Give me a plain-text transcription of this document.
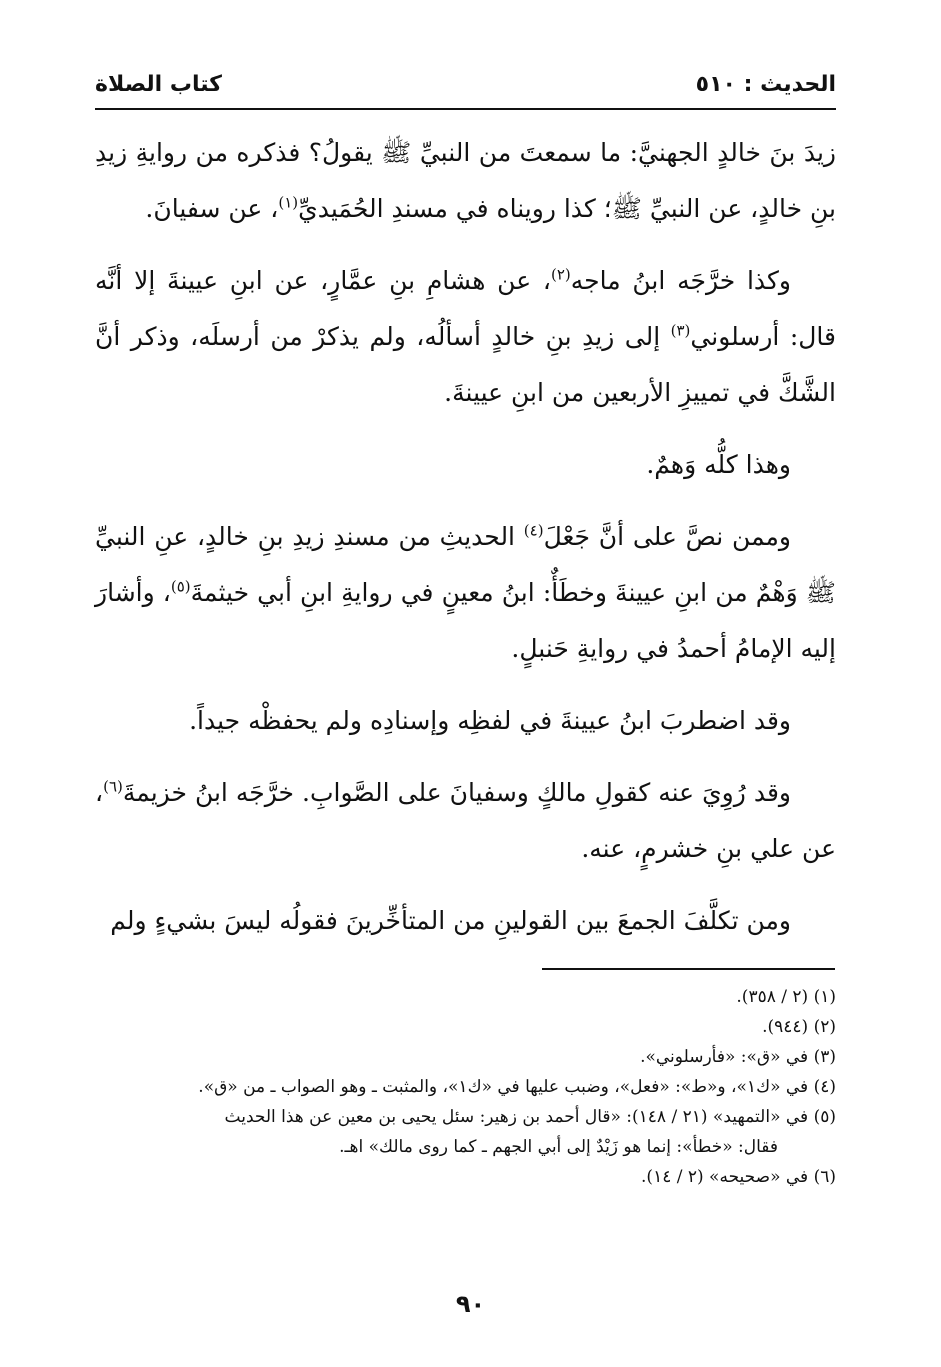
الحديث : ٥١٠
كتاب الصلاة

زيدَ بنَ خالدٍ الجهنيَّ: ما سمعتَ من النبيِّ ﷺ يقولُ؟ فذكره من روايةِ زيدِ بنِ خالدٍ، عن النبيِّ ﷺ؛ كذا رويناه في مسندِ الحُمَيديِّ$^{(١)}$، عن سفيانَ.

وكذا خرَّجَه ابنُ ماجه$^{(٢)}$، عن هشامِ بنِ عمَّارٍ، عن ابنِ عيينةَ إلا أنَّه قال: أرسلوني$^{(٣)}$ إلى زيدِ بنِ خالدٍ أسألُه، ولم يذكرْ من أرسلَه، وذكر أنَّ الشَّكَّ في تمييزِ الأربعين من ابنِ عيينةَ.

وهذا كلُّه وَهمٌ.

وممن نصَّ على أنَّ جَعْلَ$^{(٤)}$ الحديثِ من مسندِ زيدِ بنِ خالدٍ، عنِ النبيِّ ﷺ وَهْمٌ من ابنِ عيينةَ وخطَأٌ: ابنُ معينٍ في روايةِ ابنِ أبي خيثمةَ$^{(٥)}$، وأشارَ إليه الإمامُ أحمدُ في روايةِ حَنبلٍ.

وقد اضطربَ ابنُ عيينةَ في لفظِه وإسنادِه ولم يحفظْه جيداً.

وقد رُوِيَ عنه كقولِ مالكٍ وسفيانَ على الصَّوابِ. خرَّجَه ابنُ خزيمةَ$^{(٦)}$، عن علي بنِ خشرمٍ، عنه.

ومن تكلَّفَ الجمعَ بين القولينِ من المتأخِّرينَ فقولُه ليسَ بشيءٍ ولم

(١) (٢ / ٣٥٨).

(٢) (٩٤٤).

(٣) في «ق»: «فأرسلوني».

(٤) في «ك١»، و«ط»: «فعل»، وضبب عليها في «ك١»، والمثبت ـ وهو الصواب ـ من «ق».

(٥) في «التمهيد» (٢١ / ١٤٨): «قال أحمد بن زهير: سئل يحيى بن معين عن هذا الحديث

فقال: «خطأ»: إنما هو زَيْدٌ إلى أبي الجهم ـ كما روى مالك» اهـ.

(٦) في «صحيحه» (٢ / ١٤).

٩٠
